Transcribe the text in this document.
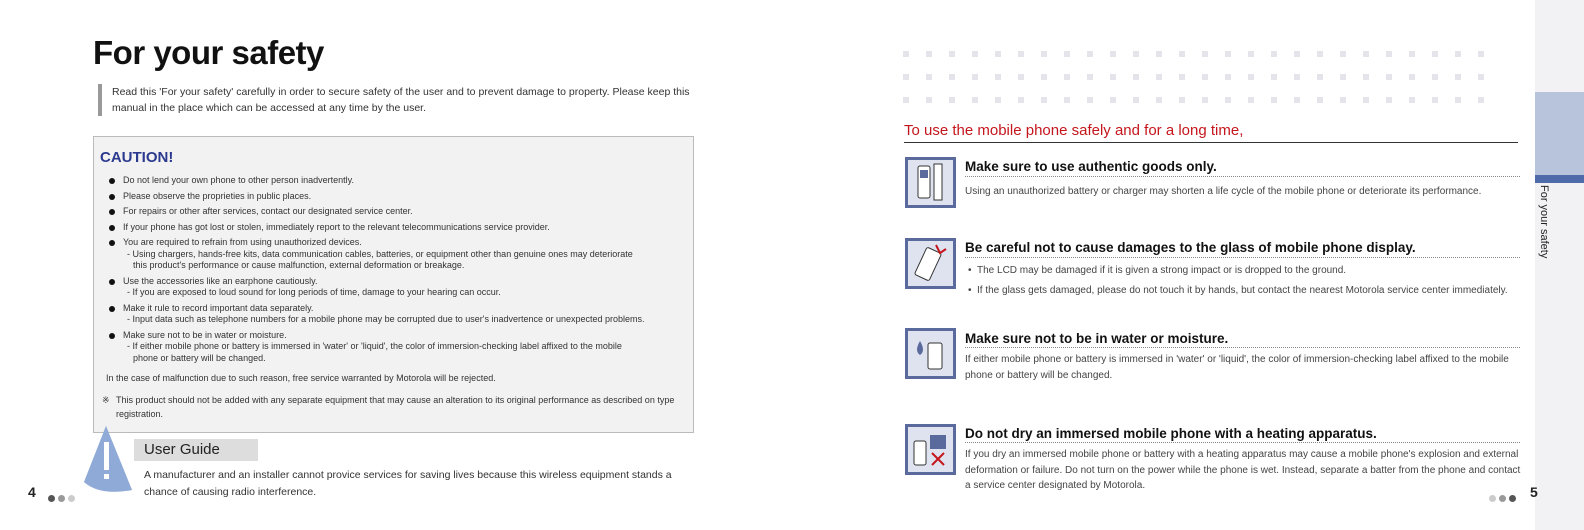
For your safety
Read this 'For your safety' carefully in order to secure safety of the user and to prevent damage to property. Please keep this manual in the place which can be accessed at any time by the user.
CAUTION!
Do not lend your own phone to other person inadvertently.
Please observe the proprieties in public places.
For repairs or other after services, contact our designated service center.
If your phone has got lost or stolen, immediately report to the relevant telecommunications service provider.
You are required to refrain from using unauthorized devices.
- Using chargers, hands-free kits, data communication cables, batteries, or equipment other than genuine ones may deteriorate
this product's performance or cause malfunction, external deformation or breakage.
Use the accessories like an earphone cautiously.
- If you are exposed to loud sound for long periods of time, damage to your hearing can occur.
Make it rule to record important data separately.
- Input data such as telephone numbers for a mobile phone may be corrupted due to user's inadvertence or unexpected problems.
Make sure not to be in water or moisture.
- If either mobile phone or battery is immersed in 'water' or 'liquid', the color of immersion-checking label affixed to the mobile
phone or battery will be changed.
In the case of malfunction due to such reason, free service warranted by Motorola will be rejected.
※ This product should not be added with any separate equipment that may cause an alteration to its original performance as described on type registration.
User Guide
A manufacturer and an installer cannot provice services for saving lives because this wireless equipment stands a chance of causing radio interference.
4
To use the mobile phone safely and for a long time,
Make sure to use authentic goods only.
Using an unauthorized battery or charger may shorten a life cycle of the mobile phone or deteriorate its performance.
Be careful not to cause damages to the glass of mobile phone display.
• The LCD may be damaged if it is given a strong impact or is dropped to the ground.
• If the glass gets damaged, please do not touch it by hands, but contact the nearest Motorola service center immediately.
Make sure not to be in water or moisture.
If either mobile phone or battery is immersed in 'water' or 'liquid', the color of immersion-checking label affixed to the mobile phone or battery will be changed.
Do not dry an immersed mobile phone with a heating apparatus.
If you dry an immersed mobile phone or battery with a heating apparatus may cause a mobile phone's explosion and external deformation or failure. Do not turn on the power while the phone is wet. Instead, separate a batter from the phone and contact a service center designated by Motorola.
For your safety
5
